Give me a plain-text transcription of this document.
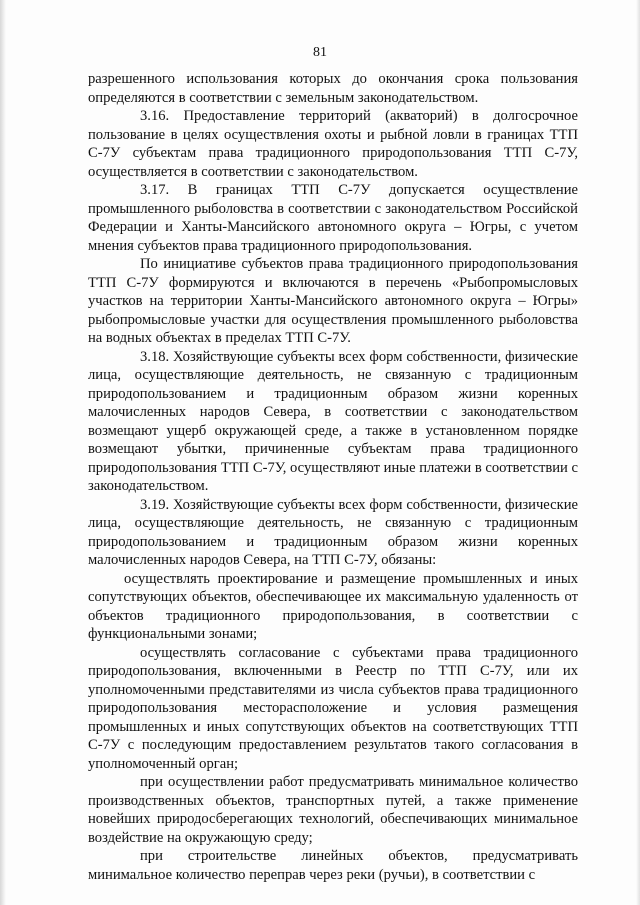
81

разрешенного использования которых до окончания срока пользования определяются в соответствии с земельным законодательством.

3.16. Предоставление территорий (акваторий) в долгосрочное пользование в целях осуществления охоты и рыбной ловли в границах ТТП С-7У субъектам права традиционного природопользования ТТП С-7У, осуществляется в соответствии с законодательством.

3.17. В границах ТТП С-7У допускается осуществление промышленного рыболовства в соответствии с законодательством Российской Федерации и Ханты-Мансийского автономного округа – Югры, с учетом мнения субъектов права традиционного природопользования.

По инициативе субъектов права традиционного природопользования ТТП С-7У формируются и включаются в перечень «Рыбопромысловых участков на территории Ханты-Мансийского автономного округа – Югры» рыбопромысловые участки для осуществления промышленного рыболовства на водных объектах в пределах ТТП С-7У.

3.18. Хозяйствующие субъекты всех форм собственности, физические лица, осуществляющие деятельность, не связанную с традиционным природопользованием и традиционным образом жизни коренных малочисленных народов Севера, в соответствии с законодательством возмещают ущерб окружающей среде, а также в установленном порядке возмещают убытки, причиненные субъектам права традиционного природопользования ТТП С-7У, осуществляют иные платежи в соответствии с законодательством.

3.19. Хозяйствующие субъекты всех форм собственности, физические лица, осуществляющие деятельность, не связанную с традиционным природопользованием и традиционным образом жизни коренных малочисленных народов Севера, на ТТП С-7У, обязаны:

осуществлять проектирование и размещение промышленных и иных сопутствующих объектов, обеспечивающее их максимальную удаленность от объектов традиционного природопользования, в соответствии с функциональными зонами;

осуществлять согласование с субъектами права традиционного природопользования, включенными в Реестр по ТТП С-7У, или их уполномоченными представителями из числа субъектов права традиционного природопользования месторасположение и условия размещения промышленных и иных сопутствующих объектов на соответствующих ТТП С-7У с последующим предоставлением результатов такого согласования в уполномоченный орган;

при осуществлении работ предусматривать минимальное количество производственных объектов, транспортных путей, а также применение новейших природосберегающих технологий, обеспечивающих минимальное воздействие на окружающую среду;

при строительстве линейных объектов, предусматривать минимальное количество переправ через реки (ручьи), в соответствии с
